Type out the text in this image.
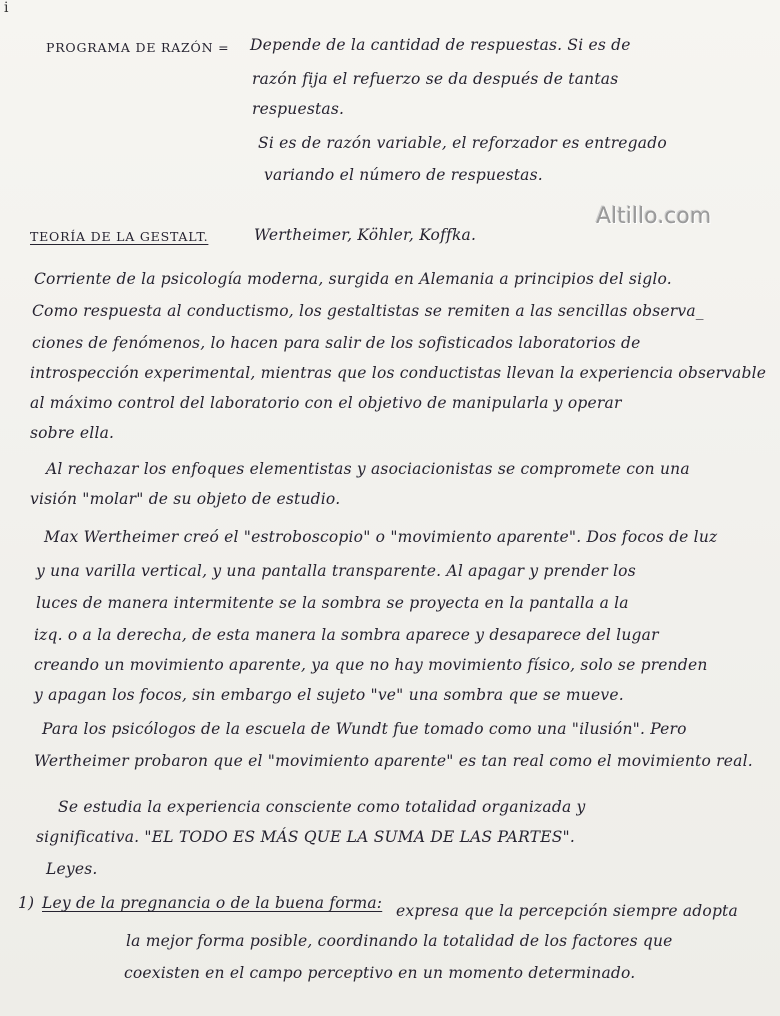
i
Altillo.com
PROGRAMA DE RAZÓN = Depende de la cantidad de respuestas. Si es de
razón fija el refuerzo se da después de tantas
respuestas.
Si es de razón variable, el reforzador es entregado
variando el número de respuestas.
TEORÍA DE LA GESTALT.	Wertheimer, Köhler, Koffka.
Corriente de la psicología moderna, surgida en Alemania a principios del siglo.
Como respuesta al conductismo, los gestaltistas se remiten a las sencillas observa_
ciones de fenómenos, lo hacen para salir de los sofisticados laboratorios de
introspección experimental, mientras que los conductistas llevan la experiencia observable
al máximo control del laboratorio con el objetivo de manipularla y operar
sobre ella.
Al rechazar los enfoques elementistas y asociacionistas se compromete con una
visión "molar" de su objeto de estudio.
Max Wertheimer creó el "estroboscopio" o "movimiento aparente". Dos focos de luz
y una varilla vertical, y una pantalla transparente. Al apagar y prender los
luces de manera intermitente se la sombra se proyecta en la pantalla a la
izq. o a la derecha, de esta manera la sombra aparece y desaparece del lugar
creando un movimiento aparente, ya que no hay movimiento físico, solo se prenden
y apagan los focos, sin embargo el sujeto "ve" una sombra que se mueve.
Para los psicólogos de la escuela de Wundt fue tomado como una "ilusión". Pero
Wertheimer probaron que el "movimiento aparente" es tan real como el movimiento real.
Se estudia la experiencia consciente como totalidad organizada y
significativa. "EL TODO ES MÁS QUE LA SUMA DE LAS PARTES".
Leyes.
1) Ley de la pregnancia o de la buena forma: expresa que la percepción siempre adopta
la mejor forma posible, coordinando la totalidad de los factores que
coexisten en el campo perceptivo en un momento determinado.
